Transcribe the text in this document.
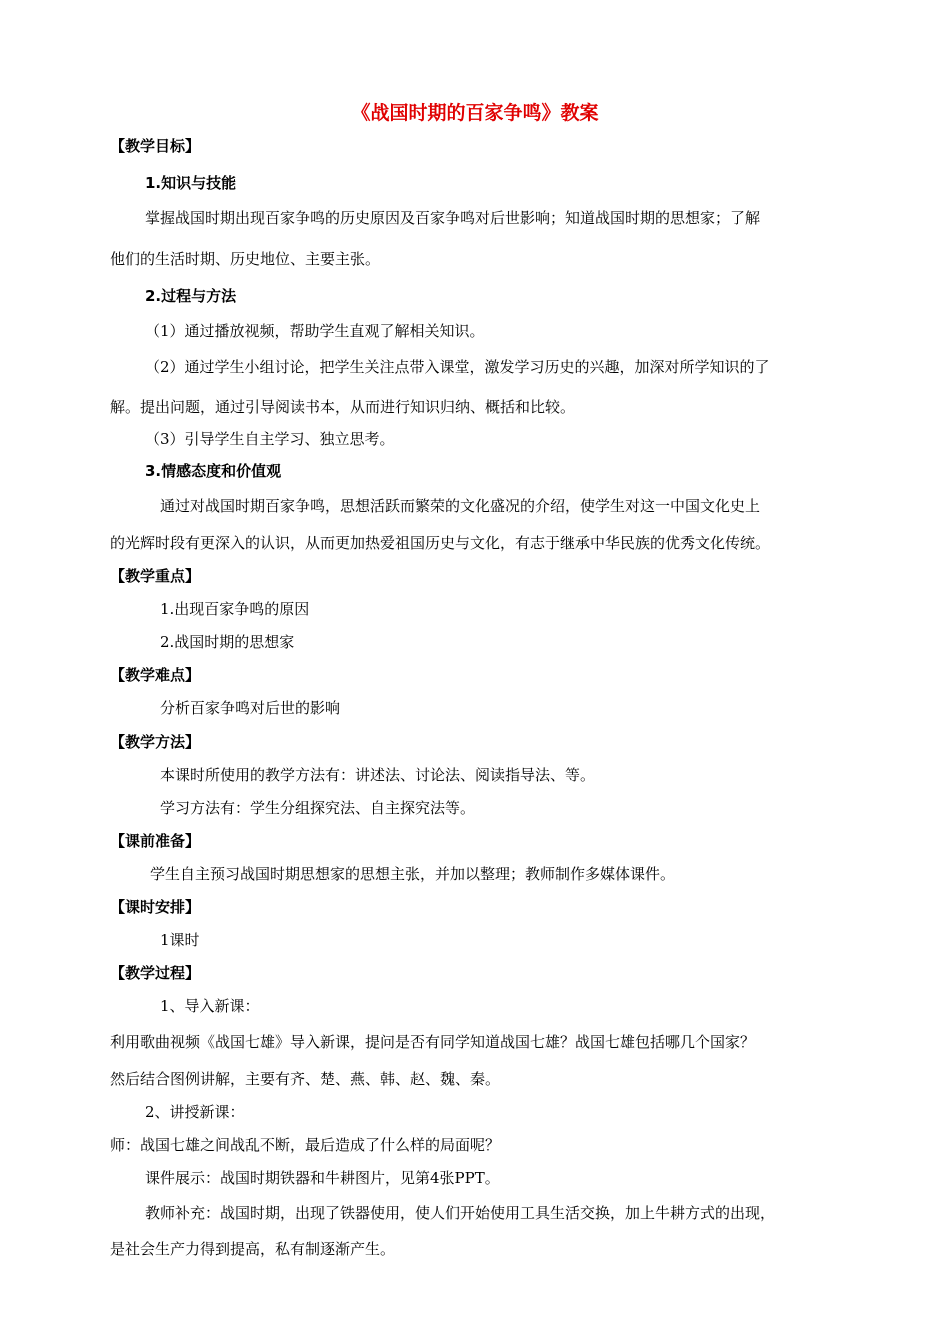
《战国时期的百家争鸣》教案
【教学目标】
1.知识与技能
掌握战国时期出现百家争鸣的历史原因及百家争鸣对后世影响；知道战国时期的思想家；了解
他们的生活时期、历史地位、主要主张。
2.过程与方法
（1）通过播放视频，帮助学生直观了解相关知识。
（2）通过学生小组讨论，把学生关注点带入课堂，激发学习历史的兴趣，加深对所学知识的了
解。提出问题，通过引导阅读书本，从而进行知识归纳、概括和比较。
（3）引导学生自主学习、独立思考。
3.情感态度和价值观
通过对战国时期百家争鸣，思想活跃而繁荣的文化盛况的介绍，使学生对这一中国文化史上
的光辉时段有更深入的认识，从而更加热爱祖国历史与文化，有志于继承中华民族的优秀文化传统。
【教学重点】
1.出现百家争鸣的原因
2.战国时期的思想家
【教学难点】
分析百家争鸣对后世的影响
【教学方法】
本课时所使用的教学方法有：讲述法、讨论法、阅读指导法、等。
学习方法有：学生分组探究法、自主探究法等。
【课前准备】
学生自主预习战国时期思想家的思想主张，并加以整理；教师制作多媒体课件。
【课时安排】
1课时
【教学过程】
1、导入新课：
利用歌曲视频《战国七雄》导入新课，提问是否有同学知道战国七雄？战国七雄包括哪几个国家？
然后结合图例讲解，主要有齐、楚、燕、韩、赵、魏、秦。
2、讲授新课：
师：战国七雄之间战乱不断，最后造成了什么样的局面呢？
课件展示：战国时期铁器和牛耕图片，见第4张PPT。
教师补充：战国时期，出现了铁器使用，使人们开始使用工具生活交换，加上牛耕方式的出现，
是社会生产力得到提高，私有制逐渐产生。
